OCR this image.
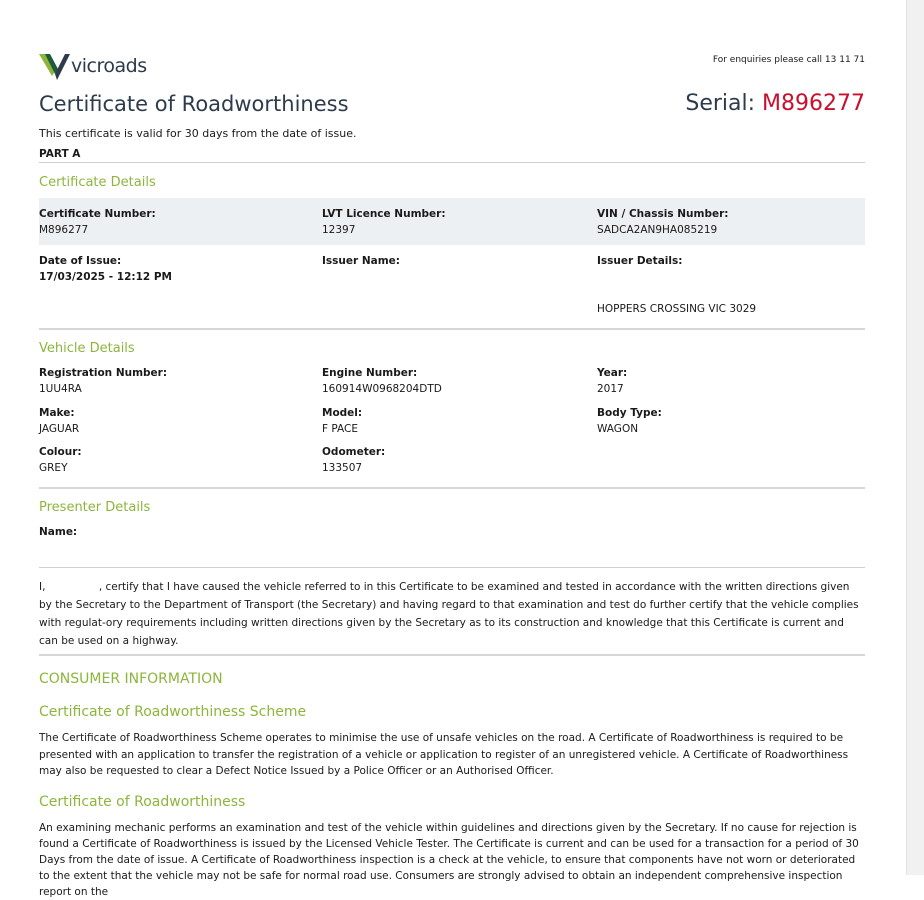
vicroads	For enquiries please call 13 11 71
Certificate of Roadworthiness	Serial: M896277
This certificate is valid for 30 days from the date of issue.
PART A
Certificate Details
Certificate Number:
M896277
LVT Licence Number:
12397
VIN / Chassis Number:
SADCA2AN9HA085219
Date of Issue:
17/03/2025 - 12:12 PM
Issuer Name:	Issuer Details:
HOPPERS CROSSING VIC 3029
Vehicle Details
Registration Number:
1UU4RA
Engine Number:
160914W0968204DTD
Year:
2017
Make:
JAGUAR
Model:
F PACE
Body Type:
WAGON
Colour:
GREY
Odometer:
133507
Presenter Details
Name:
I,                , certify that I have caused the vehicle referred to in this Certificate to be examined and tested in accordance with the written directions given by the Secretary to the Department of Transport (the Secretary) and having regard to that examination and test do further certify that the vehicle complies with regulat-ory requirements including written directions given by the Secretary as to its construction and knowledge that this Certificate is current and can be used on a highway.
CONSUMER INFORMATION
Certificate of Roadworthiness Scheme
The Certificate of Roadworthiness Scheme operates to minimise the use of unsafe vehicles on the road. A Certificate of Roadworthiness is required to be presented with an application to transfer the registration of a vehicle or application to register of an unregistered vehicle. A Certificate of Roadworthiness may also be requested to clear a Defect Notice Issued by a Police Officer or an Authorised Officer.
Certificate of Roadworthiness
An examining mechanic performs an examination and test of the vehicle within guidelines and directions given by the Secretary. If no cause for rejection is found a Certificate of Roadworthiness is issued by the Licensed Vehicle Tester. The Certificate is current and can be used for a transaction for a period of 30 Days from the date of issue. A Certificate of Roadworthiness inspection is a check at the vehicle, to ensure that components have not worn or deteriorated to the extent that the vehicle may not be safe for normal road use. Consumers are strongly advised to obtain an independent comprehensive inspection report on the
